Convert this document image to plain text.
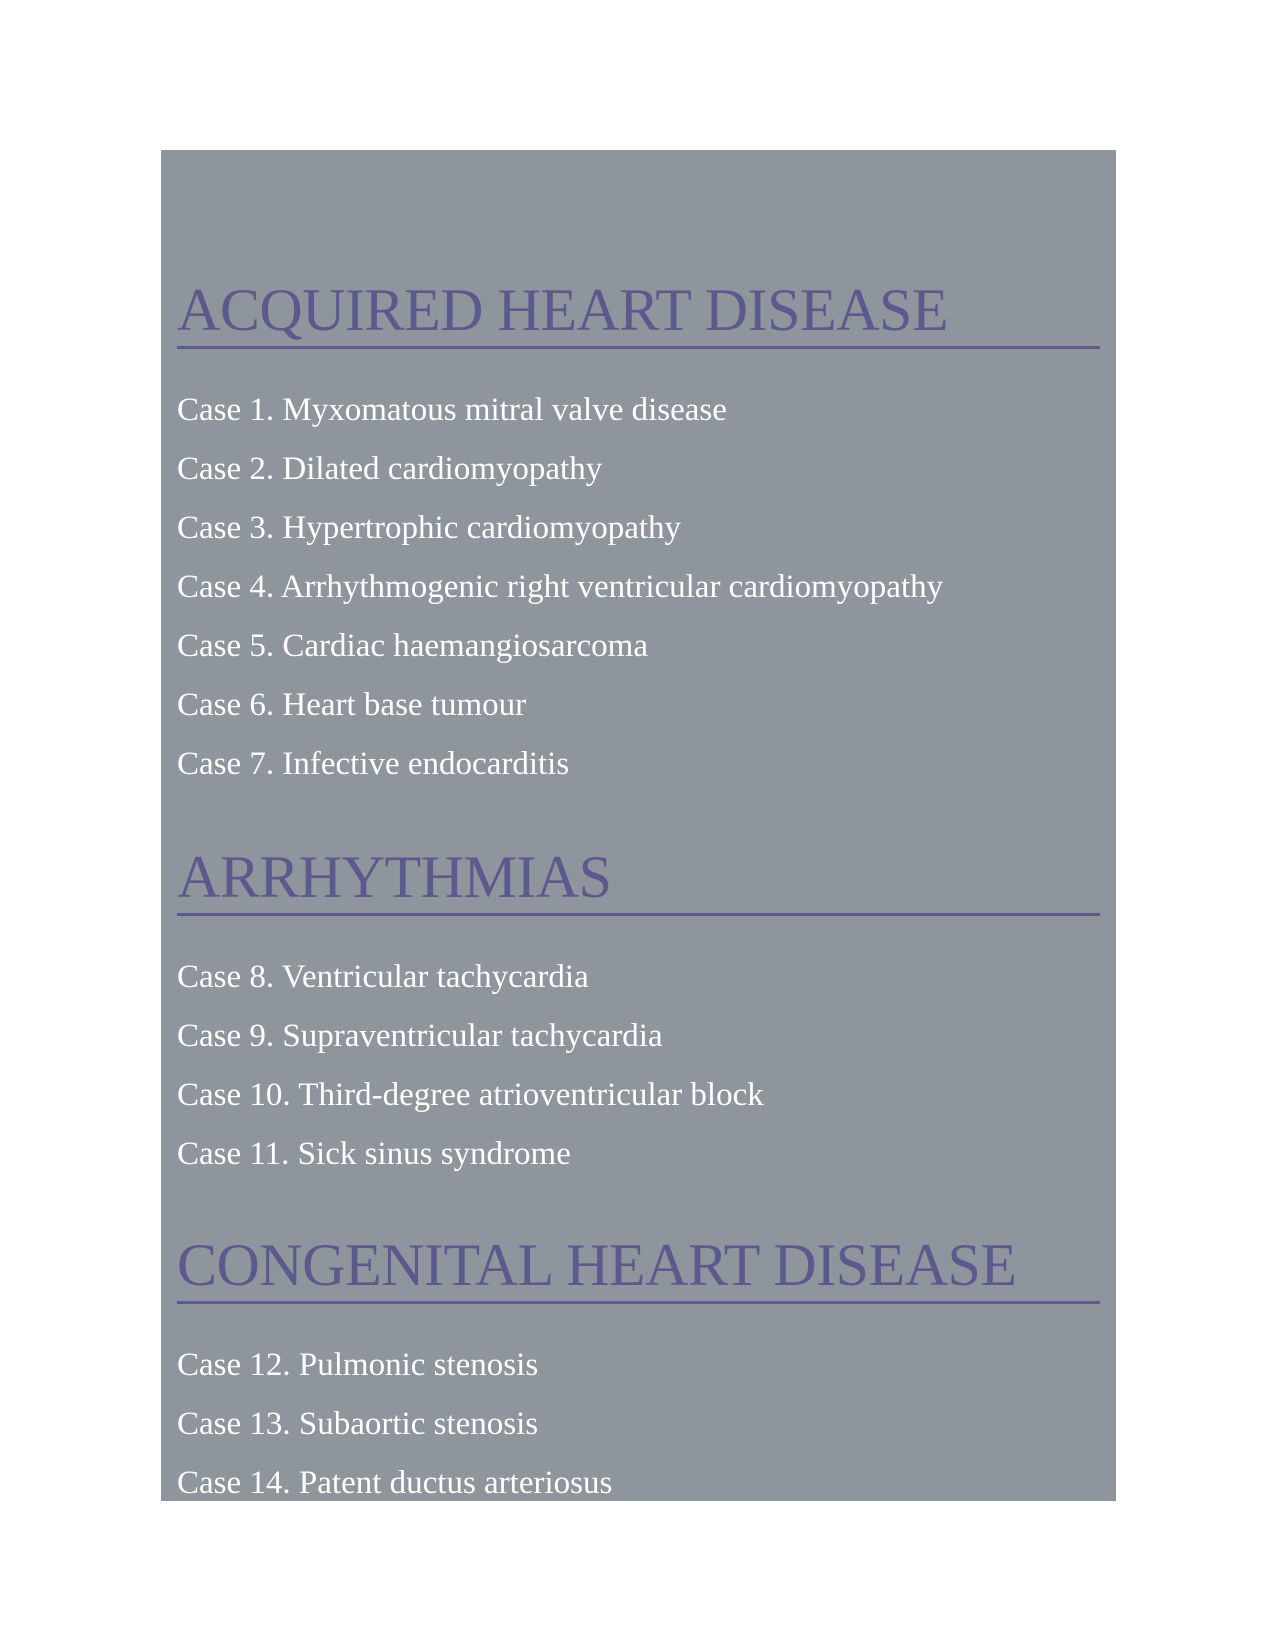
ACQUIRED HEART DISEASE
Case 1. Myxomatous mitral valve disease
Case 2. Dilated cardiomyopathy
Case 3. Hypertrophic cardiomyopathy
Case 4. Arrhythmogenic right ventricular cardiomyopathy
Case 5. Cardiac haemangiosarcoma
Case 6. Heart base tumour
Case 7. Infective endocarditis
ARRHYTHMIAS
Case 8. Ventricular tachycardia
Case 9. Supraventricular tachycardia
Case 10. Third-degree atrioventricular block
Case 11. Sick sinus syndrome
CONGENITAL HEART DISEASE
Case 12. Pulmonic stenosis
Case 13. Subaortic stenosis
Case 14. Patent ductus arteriosus
